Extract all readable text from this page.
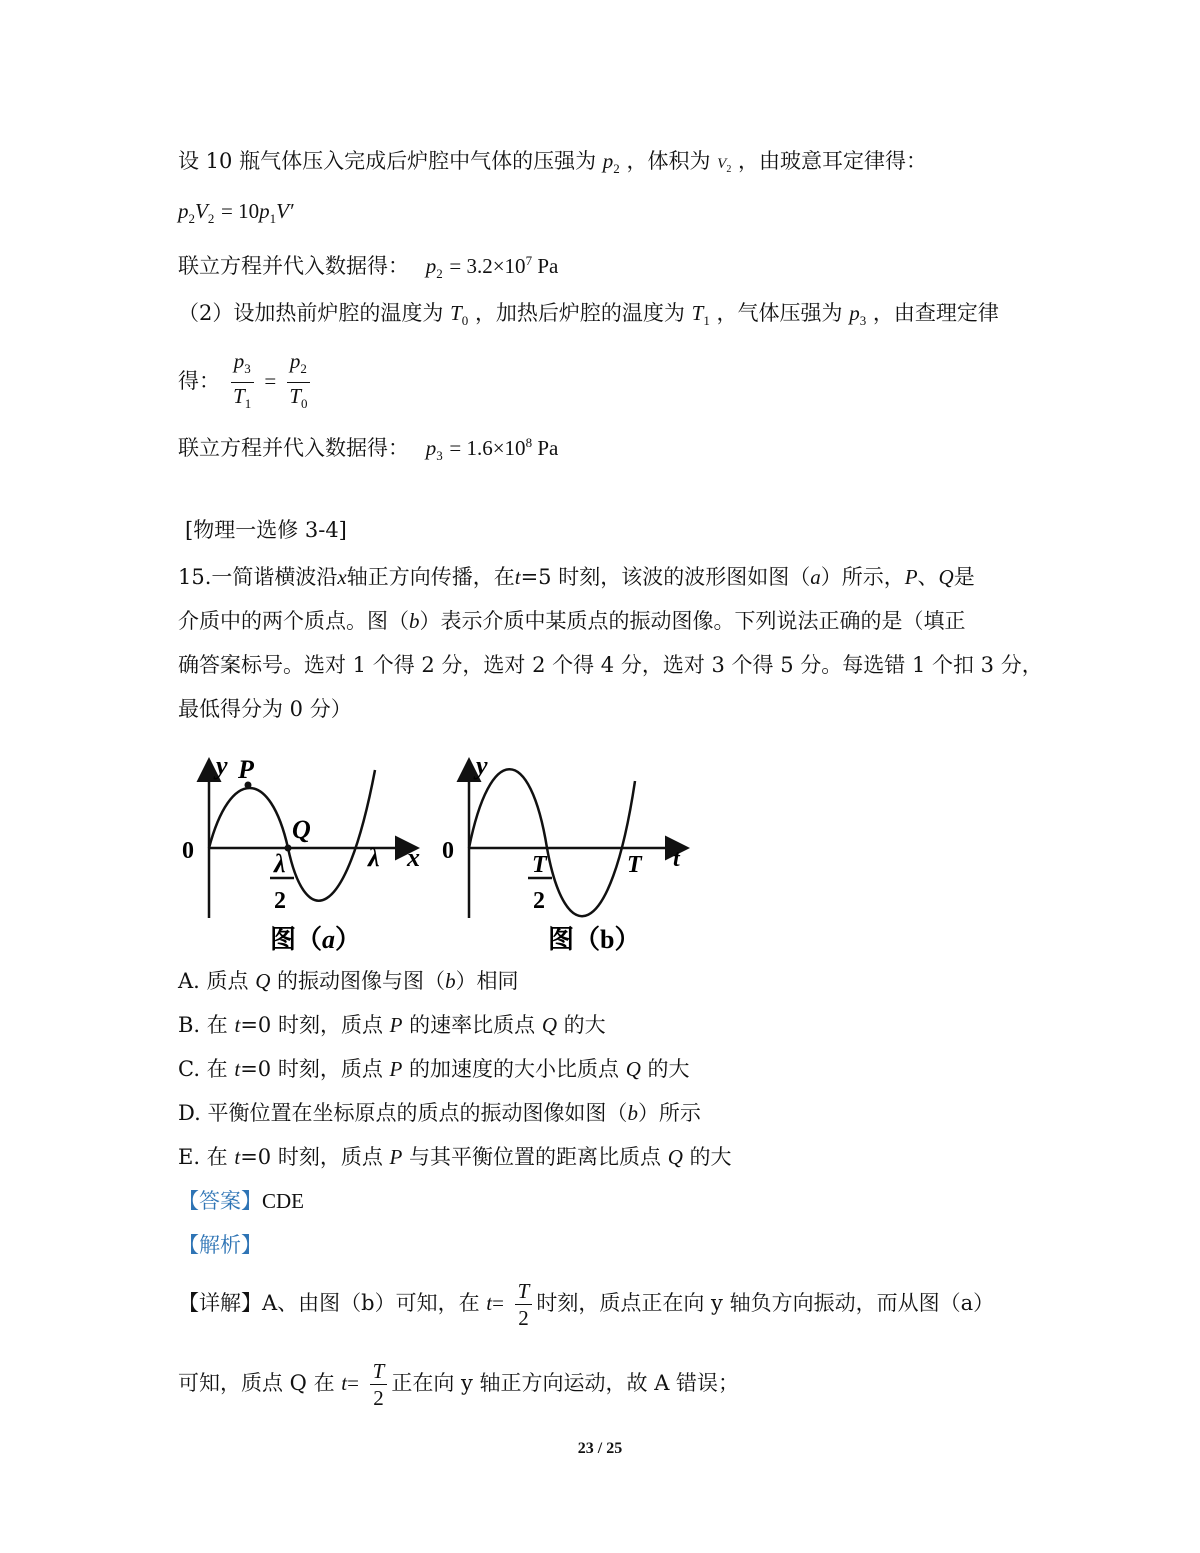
设 10 瓶气体压入完成后炉腔中气体的压强为 $p_2$ ，体积为 $V_2$ ，由玻意耳定律得：
$p_2V_2 = 10p_1V'$
联立方程并代入数据得： $p_2 = 3.2\times 10^7$ Pa
（2）设加热前炉腔的温度为 $T_0$ ，加热后炉腔的温度为 $T_1$ ，气体压强为 $p_3$ ，由查理定律
得： $\frac{p_3}{T_1} = \frac{p_2}{T_0}$
联立方程并代入数据得： $p_3 = 1.6\times 10^8$ Pa
[物理一选修 3-4]
15.一简谐横波沿x轴正方向传播，在t=5 时刻，该波的波形图如图（a）所示，P、Q是
介质中的两个质点。图（b）表示介质中某质点的振动图像。下列说法正确的是（填正
确答案标号。选对 1 个得 2 分，选对 2 个得 4 分，选对 3 个得 5 分。每选错 1 个扣 3 分，
最低得分为 0 分）
y P
Q
0	x
λ
2
λ
图（a）
y
0
T
2
T t
图（b）
A. 质点 Q 的振动图像与图（b）相同
B. 在 t=0 时刻，质点 P 的速率比质点 Q 的大
C. 在 t=0 时刻，质点 P 的加速度的大小比质点 Q 的大
D. 平衡位置在坐标原点的质点的振动图像如图（b）所示
E. 在 t=0 时刻，质点 P 与其平衡位置的距离比质点 Q 的大
【答案】CDE
【解析】
【详解】A、由图（b）可知，在 $t= \frac{T}{2}$ 时刻，质点正在向 y 轴负方向振动，而从图（a）
可知，质点 Q 在 $t= \frac{T}{2}$ 正在向 y 轴正方向运动，故 A 错误；
23 / 25
